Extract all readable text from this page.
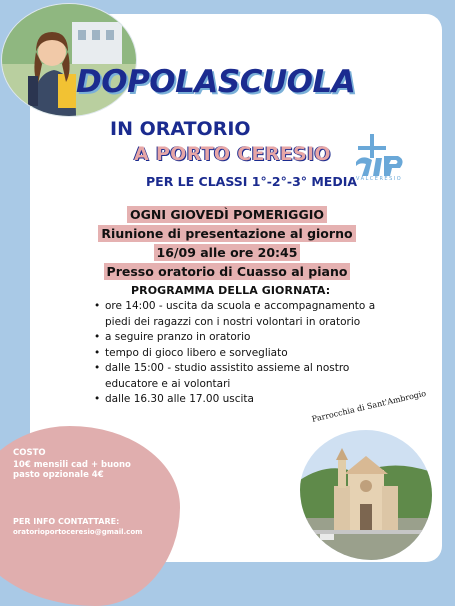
DOPOLASCUOLA
IN ORATORIO
A PORTO CERESIO
PER LE CLASSI 1°-2°-3° MEDIA
VALCERESIO
OGNI GIOVEDÌ POMERIGGIO
Riunione di presentazione al giorno
16/09 alle ore 20:45
Presso oratorio di Cuasso al piano
PROGRAMMA DELLA GIORNATA:
• ore 14:00 - uscita da scuola e accompagnamento a piedi dei ragazzi con i nostri volontari in oratorio
• a seguire pranzo in oratorio
• tempo di gioco libero e sorvegliato
• dalle 15:00 - studio assistito assieme al nostro educatore e ai volontari
• dalle 16.30 alle 17.00 uscita
COSTO
10€ mensili cad + buono
pasto opzionale 4€
PER INFO CONTATTARE:
oratorioportoceresio@gmail.com
Parrocchia di Sant'Ambrogio
